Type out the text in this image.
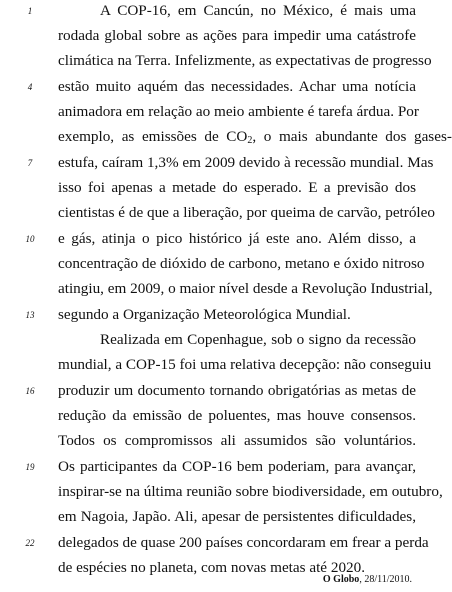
1
4
7
10
13
16
19
22
A COP-16, em Cancún, no México, é mais uma
rodada global sobre as ações para impedir uma catástrofe
climática na Terra. Infelizmente, as expectativas de progresso
estão muito aquém das necessidades. Achar uma notícia
animadora em relação ao meio ambiente é tarefa árdua. Por
exemplo, as emissões de $CO_2$, o mais abundante dos gases-
estufa, caíram 1,3% em 2009 devido à recessão mundial. Mas
isso foi apenas a metade do esperado. E a previsão dos
cientistas é de que a liberação, por queima de carvão, petróleo
e gás, atinja o pico histórico já este ano. Além disso, a
concentração de dióxido de carbono, metano e óxido nitroso
atingiu, em 2009, o maior nível desde a Revolução Industrial,
segundo a Organização Meteorológica Mundial.
Realizada em Copenhague, sob o signo da recessão
mundial, a COP-15 foi uma relativa decepção: não conseguiu
produzir um documento tornando obrigatórias as metas de
redução da emissão de poluentes, mas houve consensos.
Todos os compromissos ali assumidos são voluntários.
Os participantes da COP-16 bem poderiam, para avançar,
inspirar-se na última reunião sobre biodiversidade, em outubro,
em Nagoia, Japão. Ali, apesar de persistentes dificuldades,
delegados de quase 200 países concordaram em frear a perda
de espécies no planeta, com novas metas até 2020.
O Globo, 28/11/2010.
